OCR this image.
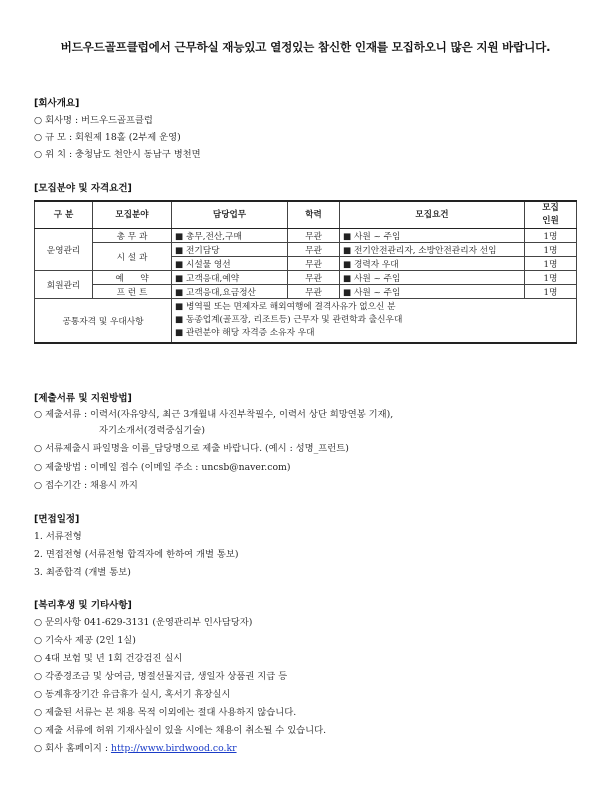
버드우드골프클럽에서 근무하실 재능있고 열정있는 참신한 인재를 모집하오니 많은 지원 바랍니다.
[회사개요]
○ 회사명 : 버드우드골프클럽
○ 규 모 : 회원제 18홀 (2부제 운영)
○ 위 치 : 충청남도 천안시 동남구 병천면
[모집분야 및 자격요건]
구 분	모집분야	담당업무	학력	모집요건	모집
인원
운영관리	총 무 과	■ 총무,전산,구매	무관	■ 사원 ~ 주임	1명
	시 설 과	■ 전기담당	무관	■ 전기안전관리자, 소방안전관리자 선임	1명
		■ 시설물 영선	무관	■ 경력자 우대	1명
회원관리	예      약	■ 고객응대,예약	무관	■ 사원 ~ 주임	1명
	프 런 트	■ 고객응대,요금정산	무관	■ 사원 ~ 주임	1명
공통자격 및 우대사항		■ 병역필 또는 면제자로 해외여행에 결격사유가 없으신 분
■ 동종업계(골프장, 리조트등) 근무자 및 관련학과 출신우대
■ 관련분야 해당 자격증 소유자 우대			
[제출서류 및 지원방법]
○ 제출서류 : 이력서(자유양식, 최근 3개월내 사진부착필수, 이력서 상단 희망연봉 기재),
자기소개서(경력중심기술)
○ 서류제출시 파일명을 이름_담당명으로 제출 바랍니다. (예시 : 성명_프런트)
○ 제출방법 : 이메일 접수 (이메일 주소 : uncsb@naver.com)
○ 접수기간 : 채용시 까지
[면접일정]
1. 서류전형
2. 면접전형 (서류전형 합격자에 한하여 개별 통보)
3. 최종합격 (개별 통보)
[복리후생 및 기타사항]
○ 문의사항 041-629-3131 (운영관리부 인사담당자)
○ 기숙사 제공 (2인 1실)
○ 4대 보험 및 년 1회 건강검진 실시
○ 각종경조금 및 상여금, 명절선물지급, 생일자 상품권 지급 등
○ 동계휴장기간 유급휴가 실시, 혹서기 휴장실시
○ 제출된 서류는 본 채용 목적 이외에는 절대 사용하지 않습니다.
○ 제출 서류에 허위 기재사실이 있을 시에는 채용이 취소될 수 있습니다.
○ 회사 홈페이지 : http://www.birdwood.co.kr
